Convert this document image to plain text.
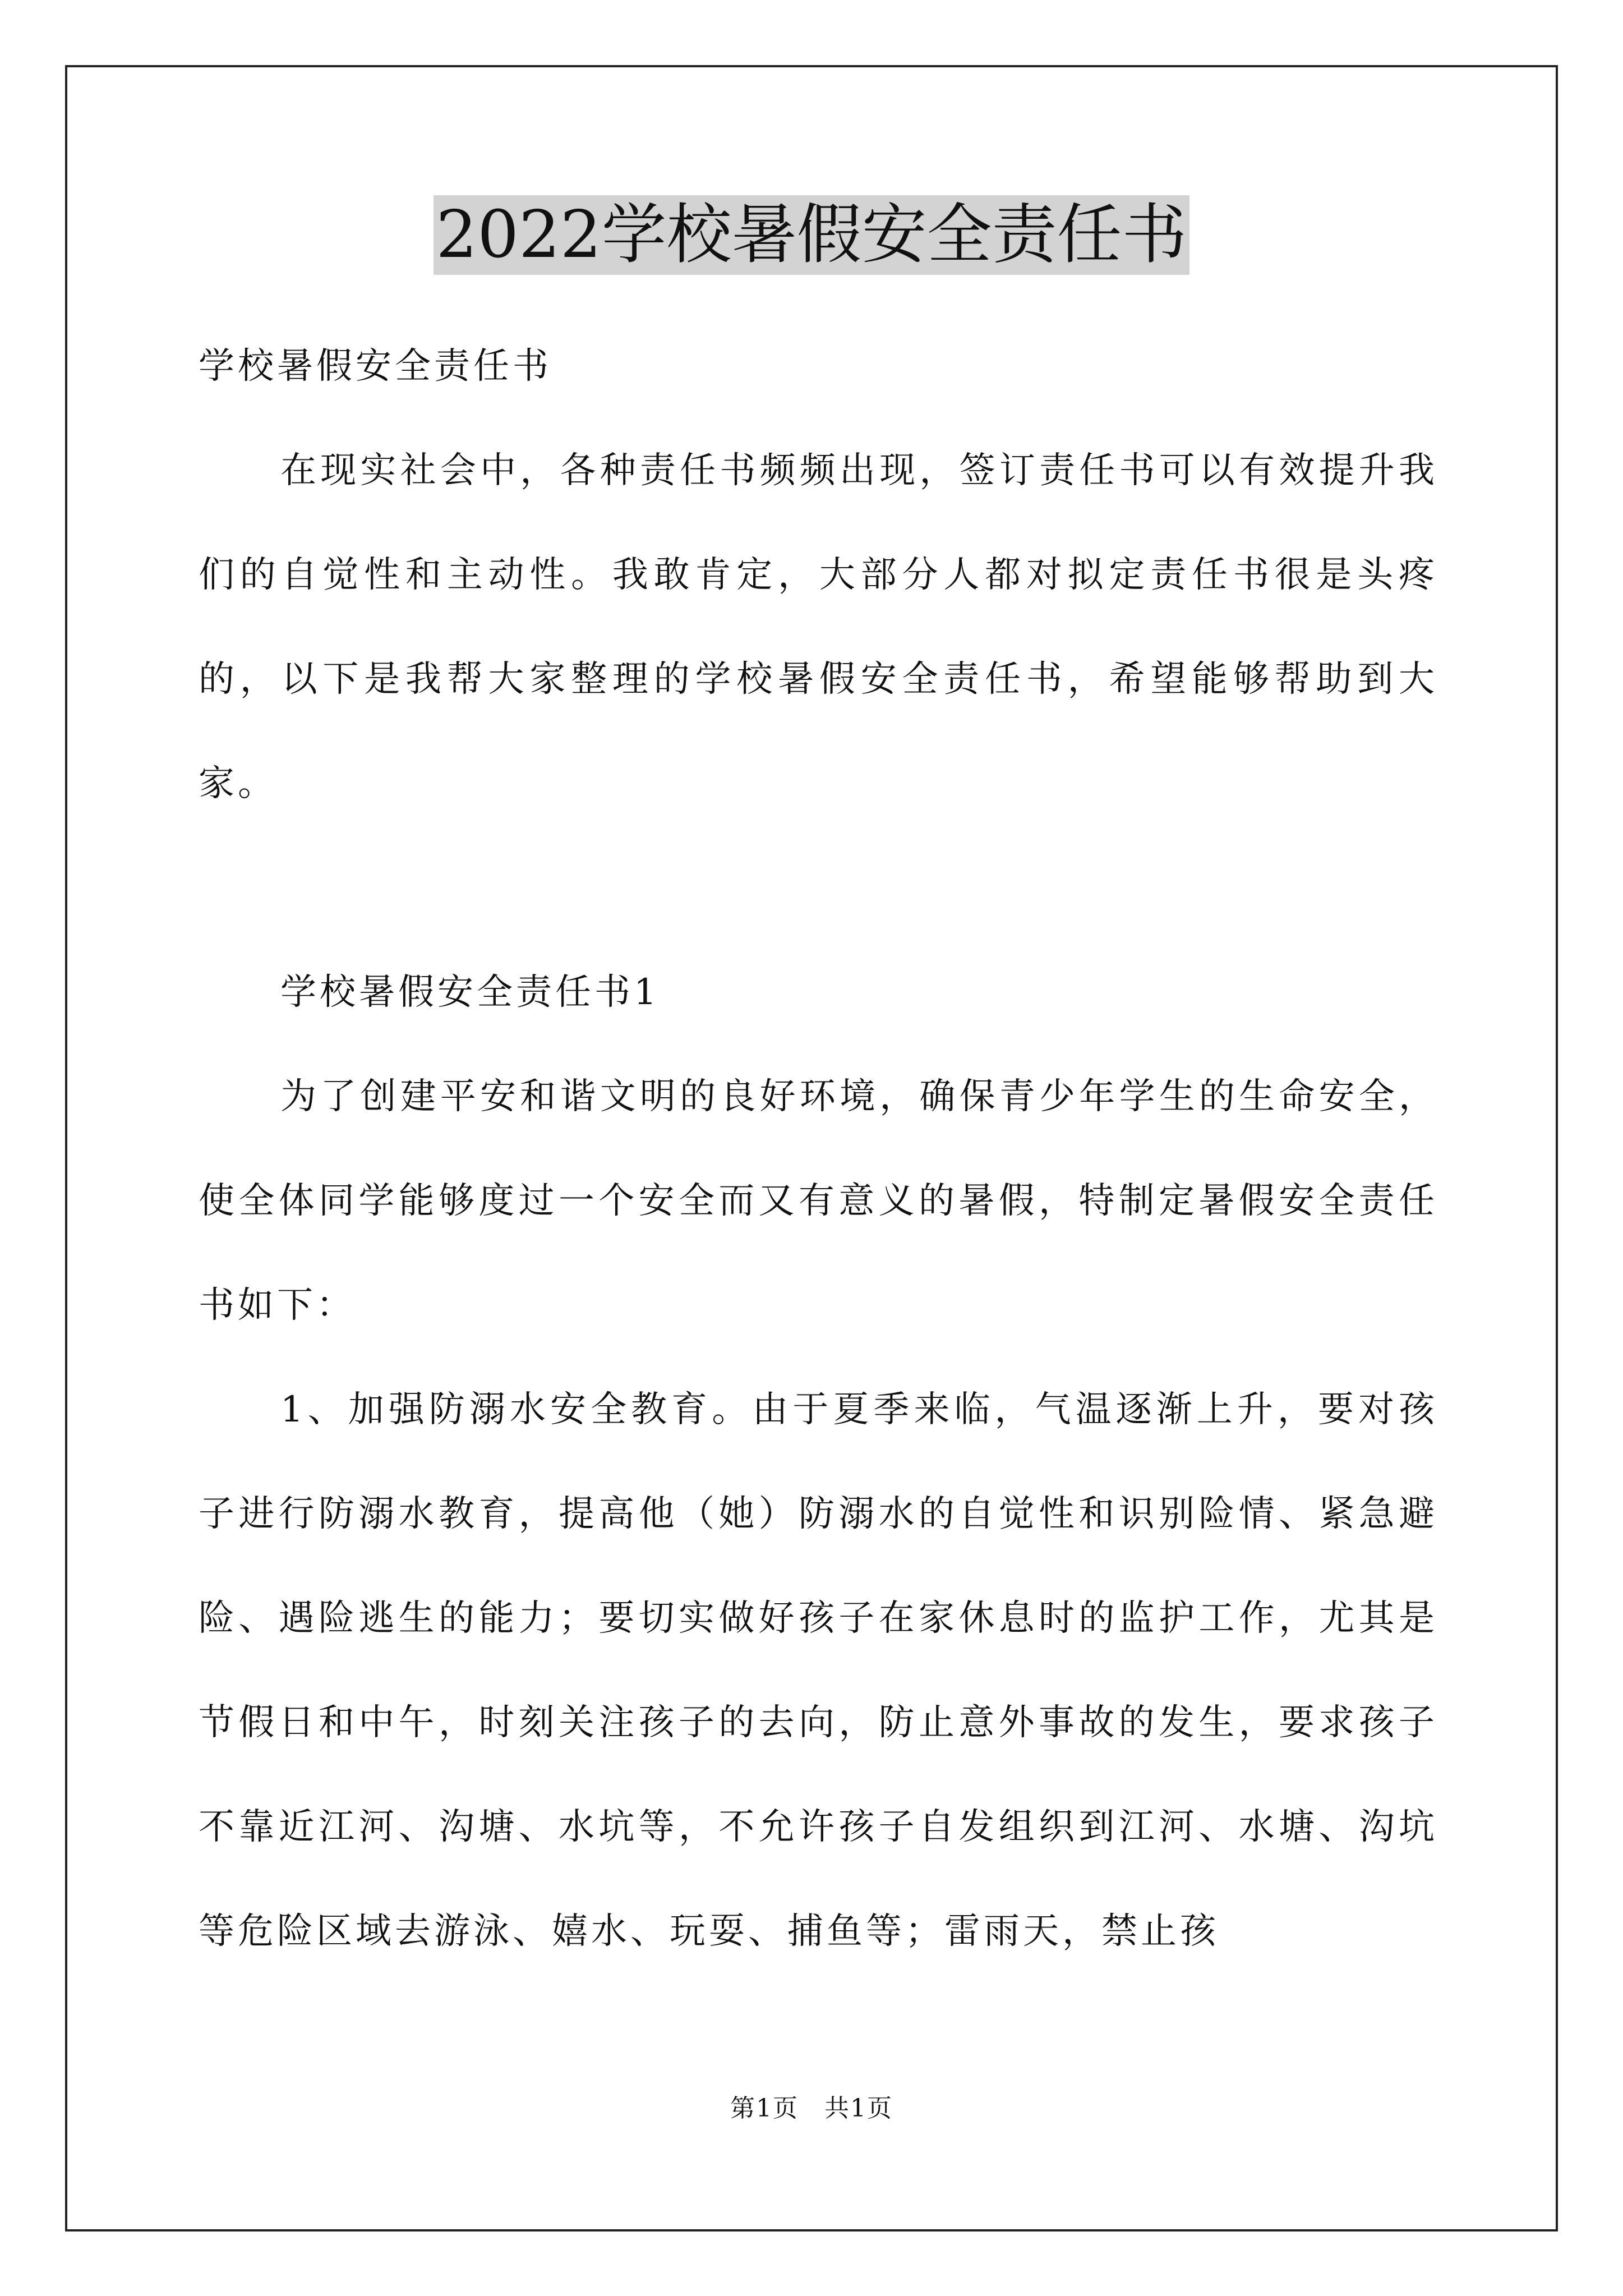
2022学校暑假安全责任书

学校暑假安全责任书

在现实社会中，各种责任书频频出现，签订责任书可以有效提升我们的自觉性和主动性。我敢肯定，大部分人都对拟定责任书很是头疼的，以下是我帮大家整理的学校暑假安全责任书，希望能够帮助到大家。

学校暑假安全责任书1

为了创建平安和谐文明的良好环境，确保青少年学生的生命安全，使全体同学能够度过一个安全而又有意义的暑假，特制定暑假安全责任书如下：

1、加强防溺水安全教育。由于夏季来临，气温逐渐上升，要对孩子进行防溺水教育，提高他（她）防溺水的自觉性和识别险情、紧急避险、遇险逃生的能力；要切实做好孩子在家休息时的监护工作，尤其是节假日和中午，时刻关注孩子的去向，防止意外事故的发生，要求孩子不靠近江河、沟塘、水坑等，不允许孩子自发组织到江河、水塘、沟坑等危险区域去游泳、嬉水、玩耍、捕鱼等；雷雨天，禁止孩

第1页　共1页
